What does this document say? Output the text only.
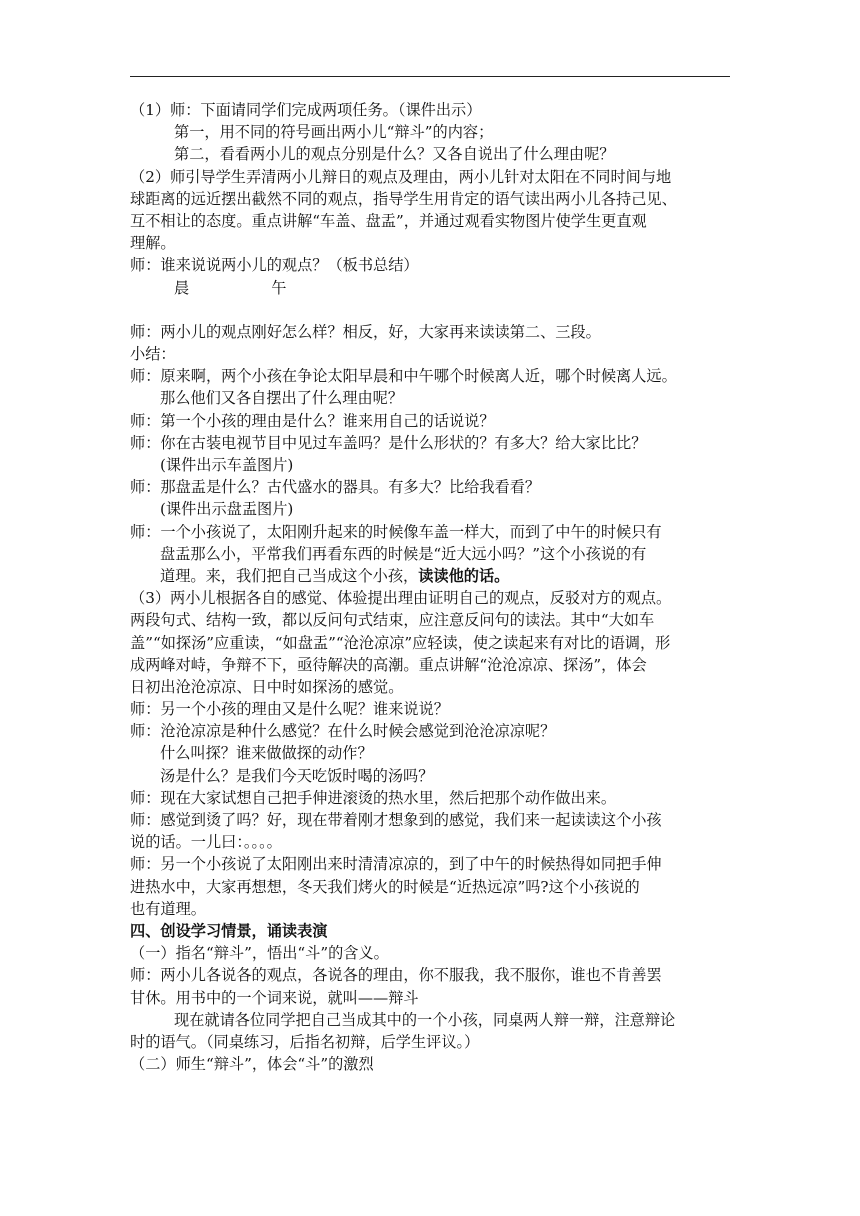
（1）师：下面请同学们完成两项任务。（课件出示）
第一，用不同的符号画出两小儿“辩斗”的内容；
第二，看看两小儿的观点分别是什么？又各自说出了什么理由呢？
（2）师引导学生弄清两小儿辩日的观点及理由，两小儿针对太阳在不同时间与地
球距离的远近摆出截然不同的观点，指导学生用肯定的语气读出两小儿各持己见、
互不相让的态度。重点讲解“车盖、盘盂”，并通过观看实物图片使学生更直观
理解。
师：谁来说说两小儿的观点？（板书总结）
晨	午
师：两小儿的观点刚好怎么样？相反，好，大家再来读读第二、三段。
小结：
师：原来啊，两个小孩在争论太阳早晨和中午哪个时候离人近，哪个时候离人远。
那么他们又各自摆出了什么理由呢？
师：第一个小孩的理由是什么？谁来用自己的话说说？
师：你在古装电视节目中见过车盖吗？是什么形状的？有多大？给大家比比？
(课件出示车盖图片)
师：那盘盂是什么？古代盛水的器具。有多大？比给我看看？
(课件出示盘盂图片)
师：一个小孩说了，太阳刚升起来的时候像车盖一样大，而到了中午的时候只有
盘盂那么小，平常我们再看东西的时候是“近大远小吗？”这个小孩说的有
道理。来，我们把自己当成这个小孩，读读他的话。
（3）两小儿根据各自的感觉、体验提出理由证明自己的观点，反驳对方的观点。
两段句式、结构一致，都以反问句式结束，应注意反问句的读法。其中“大如车
盖”“如探汤”应重读，“如盘盂”“沧沧凉凉”应轻读，使之读起来有对比的语调，形
成两峰对峙，争辩不下，亟待解决的高潮。重点讲解“沧沧凉凉、探汤”，体会
日初出沧沧凉凉、日中时如探汤的感觉。
师：另一个小孩的理由又是什么呢？谁来说说？
师：沧沧凉凉是种什么感觉？在什么时候会感觉到沧沧凉凉呢？
什么叫探？谁来做做探的动作？
汤是什么？是我们今天吃饭时喝的汤吗？
师：现在大家试想自己把手伸进滚烫的热水里，然后把那个动作做出来。
师：感觉到烫了吗？好，现在带着刚才想象到的感觉，我们来一起读读这个小孩
说的话。一儿曰：。。。。
师：另一个小孩说了太阳刚出来时清清凉凉的，到了中午的时候热得如同把手伸
进热水中，大家再想想，冬天我们烤火的时候是“近热远凉”吗?这个小孩说的
也有道理。
四、创设学习情景，诵读表演
（一）指名“辩斗”，悟出“斗”的含义。
师：两小儿各说各的观点，各说各的理由，你不服我，我不服你，谁也不肯善罢
甘休。用书中的一个词来说，就叫——辩斗
现在就请各位同学把自己当成其中的一个小孩，同桌两人辩一辩，注意辩论
时的语气。（同桌练习，后指名初辩，后学生评议。）
（二）师生“辩斗”，体会“斗”的激烈
